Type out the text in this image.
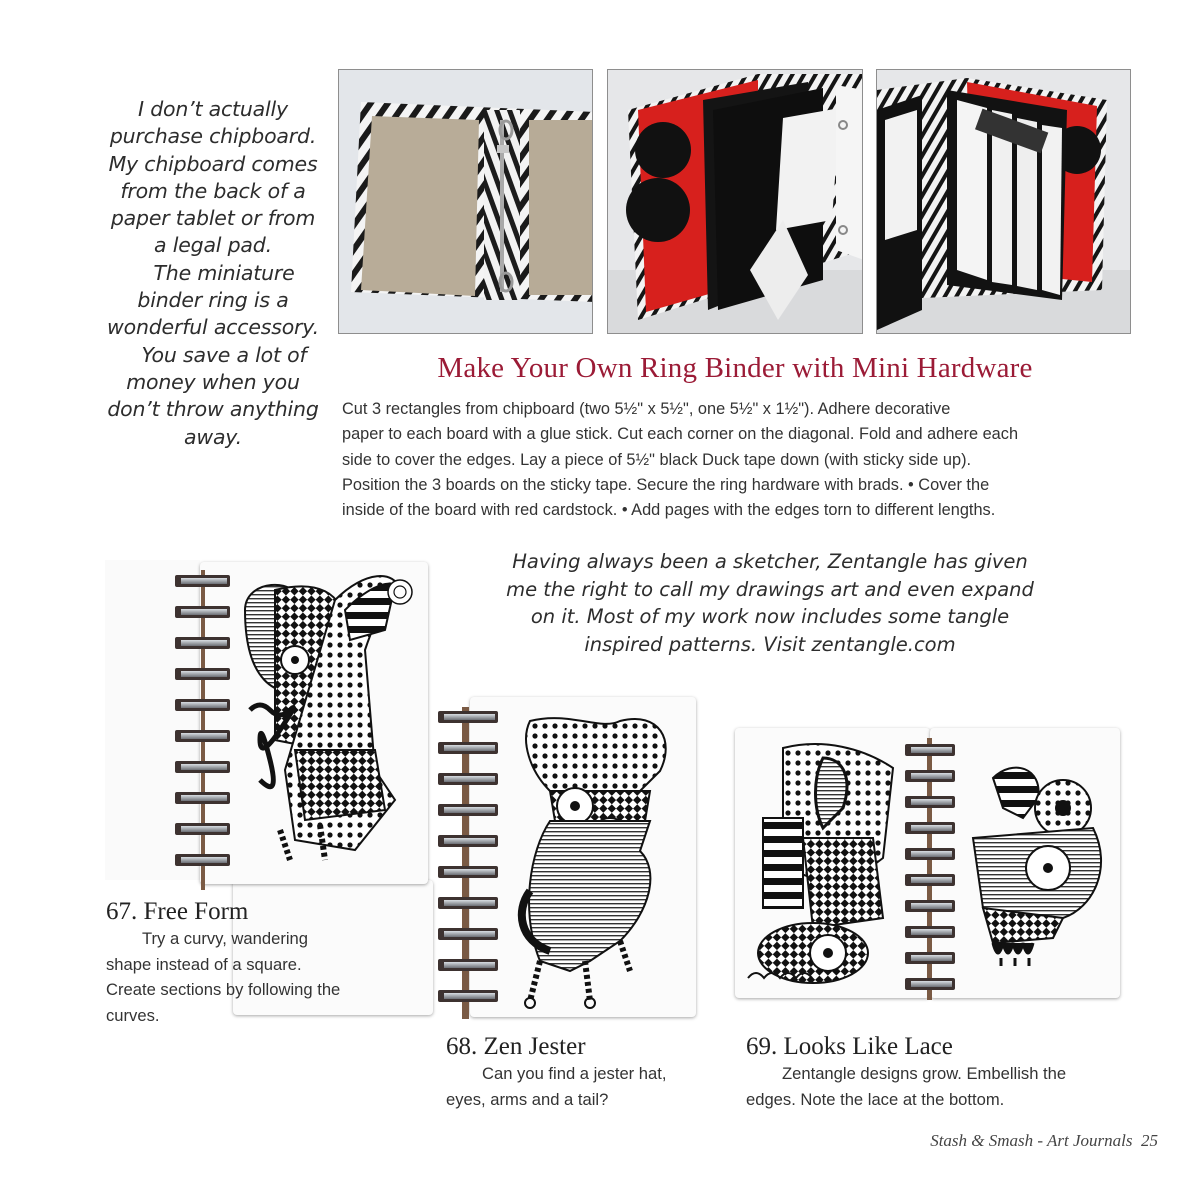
I don’t actually purchase chipboard. My chipboard comes from the back of a paper tablet or from a legal pad.

The miniature binder ring is a wonderful accessory.

You save a lot of money when you don’t throw anything away.

Make Your Own Ring Binder with Mini Hardware
Cut 3 rectangles from chipboard (two 5½" x 5½", one 5½" x 1½"). Adhere decorative
paper to each board with a glue stick. Cut each corner on the diagonal. Fold and adhere each
side to cover the edges. Lay a piece of 5½" black Duck tape down (with sticky side up).
Position the 3 boards on the sticky tape. Secure the ring hardware with brads. • Cover the
inside of the board with red cardstock. • Add pages with the edges torn to different lengths.

Having always been a sketcher, Zentangle has given

me the right to call my drawings art and even expand

on it. Most of my work now includes some tangle

inspired patterns. Visit zentangle.com

67. Free Form
Try a curvy, wandering
shape instead of a square.
Create sections by following the
curves.
68. Zen Jester
Can you find a jester hat,
eyes, arms and a tail?
69. Looks Like Lace
Zentangle designs grow. Embellish the
edges. Note the lace at the bottom.
Stash & Smash - Art Journals 25
